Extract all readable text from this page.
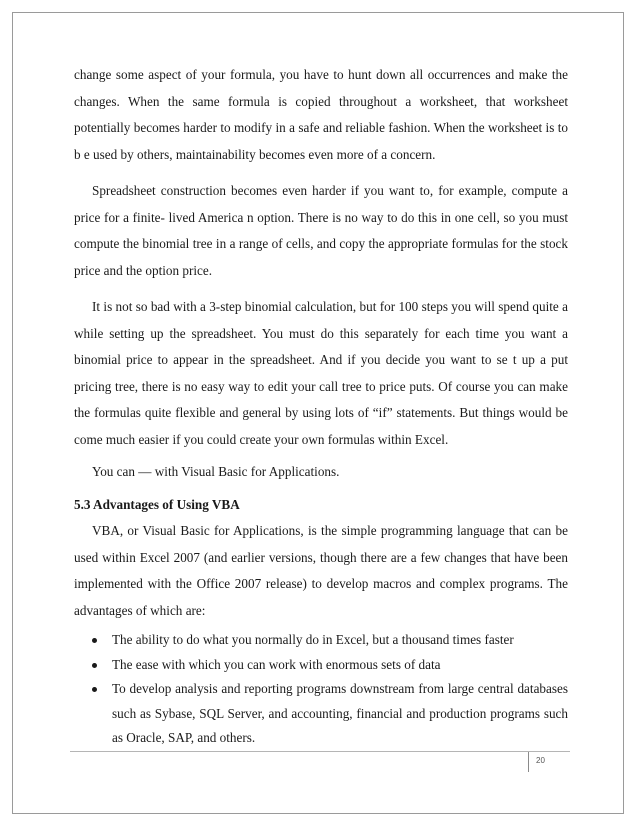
change some aspect of your formula, you have to hunt down all occurrences and make the changes. When the same formula is copied throughout a worksheet, that worksheet potentially becomes harder to modify in a safe and reliable fashion. When the worksheet is to b e used by others, maintainability becomes even more of a concern.

Spreadsheet construction becomes even harder if you want to, for example, compute a price for a finite- lived America n option. There is no way to do this in one cell, so you must compute the binomial tree in a range of cells, and copy the appropriate formulas for the stock price and the option price.

It is not so bad with a 3-step binomial calculation, but for 100 steps you will spend quite a while setting up the spreadsheet. You must do this separately for each time you want a binomial price to appear in the spreadsheet. And if you decide you want to se t up a put pricing tree, there is no easy way to edit your call tree to price puts. Of course you can make the formulas quite flexible and general by using lots of “if” statements. But things would be come much easier if you could create your own formulas within Excel.

You can — with Visual Basic for Applications.

5.3 Advantages of Using VBA

VBA, or Visual Basic for Applications, is the simple programming language that can be used within Excel 2007 (and earlier versions, though there are a few changes that have been implemented with the Office 2007 release) to develop macros and complex programs. The advantages of which are:

The ability to do what you normally do in Excel, but a thousand times faster
The ease with which you can work with enormous sets of data
To develop analysis and reporting programs downstream from large central databases such as Sybase, SQL Server, and accounting, financial and production programs such as Oracle, SAP, and others.
20
